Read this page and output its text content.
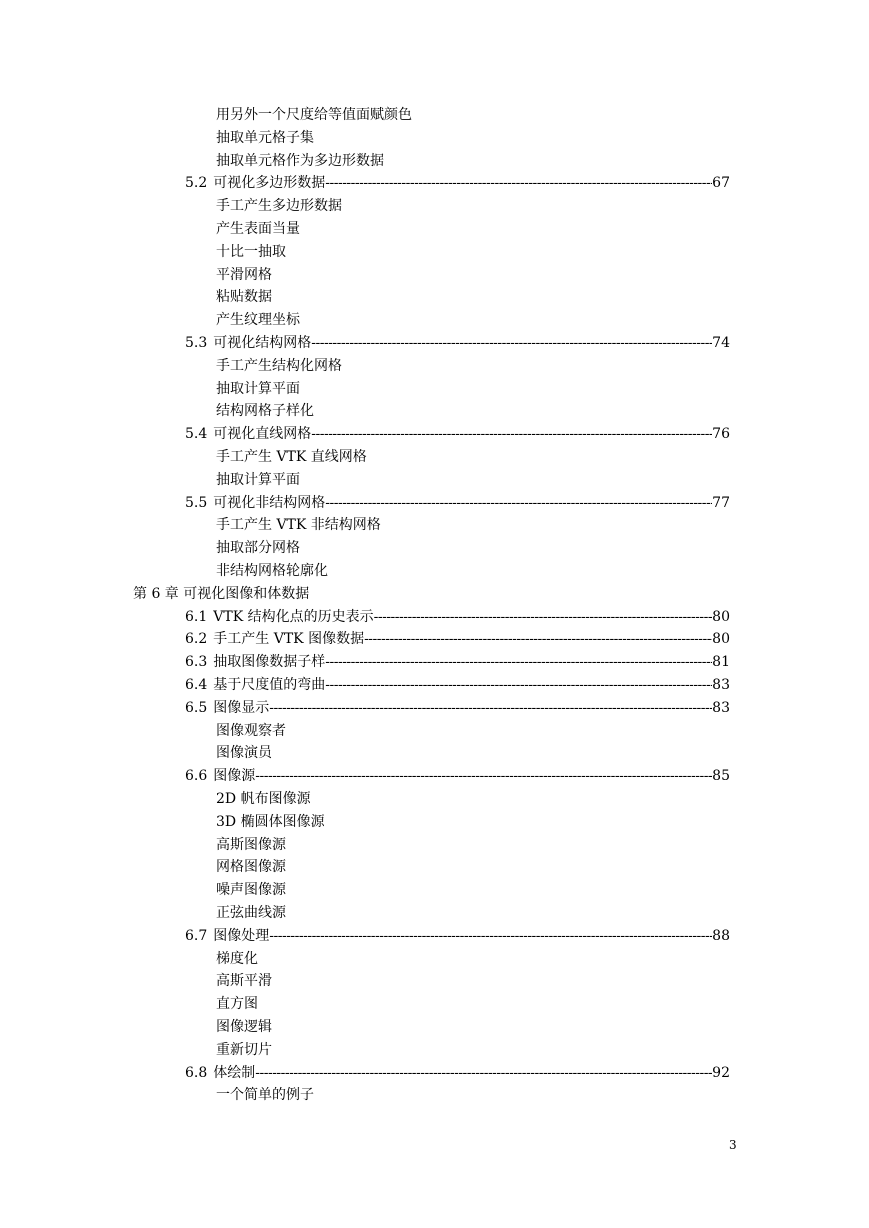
用另外一个尺度给等值面赋颜色
抽取单元格子集
抽取单元格作为多边形数据
5.2 可视化多边形数据 -----	67
手工产生多边形数据
产生表面当量
十比一抽取
平滑网格
粘贴数据
产生纹理坐标
5.3 可视化结构网格 -----	74
手工产生结构化网格
抽取计算平面
结构网格子样化
5.4 可视化直线网格 -----	76
手工产生 VTK 直线网格
抽取计算平面
5.5 可视化非结构网格 -----	77
手工产生 VTK 非结构网格
抽取部分网格
非结构网格轮廓化
第 6 章 可视化图像和体数据
6.1 VTK 结构化点的历史表示 -----	80
6.2 手工产生 VTK 图像数据 -----	80
6.3 抽取图像数据子样 -----	81
6.4 基于尺度值的弯曲 -----	83
6.5 图像显示 -----	83
图像观察者
图像演员
6.6 图像源 -----	85
2D 帆布图像源
3D 椭圆体图像源
高斯图像源
网格图像源
噪声图像源
正弦曲线源
6.7 图像处理 -----	88
梯度化
高斯平滑
直方图
图像逻辑
重新切片
6.8 体绘制 -----	92
一个简单的例子
3
